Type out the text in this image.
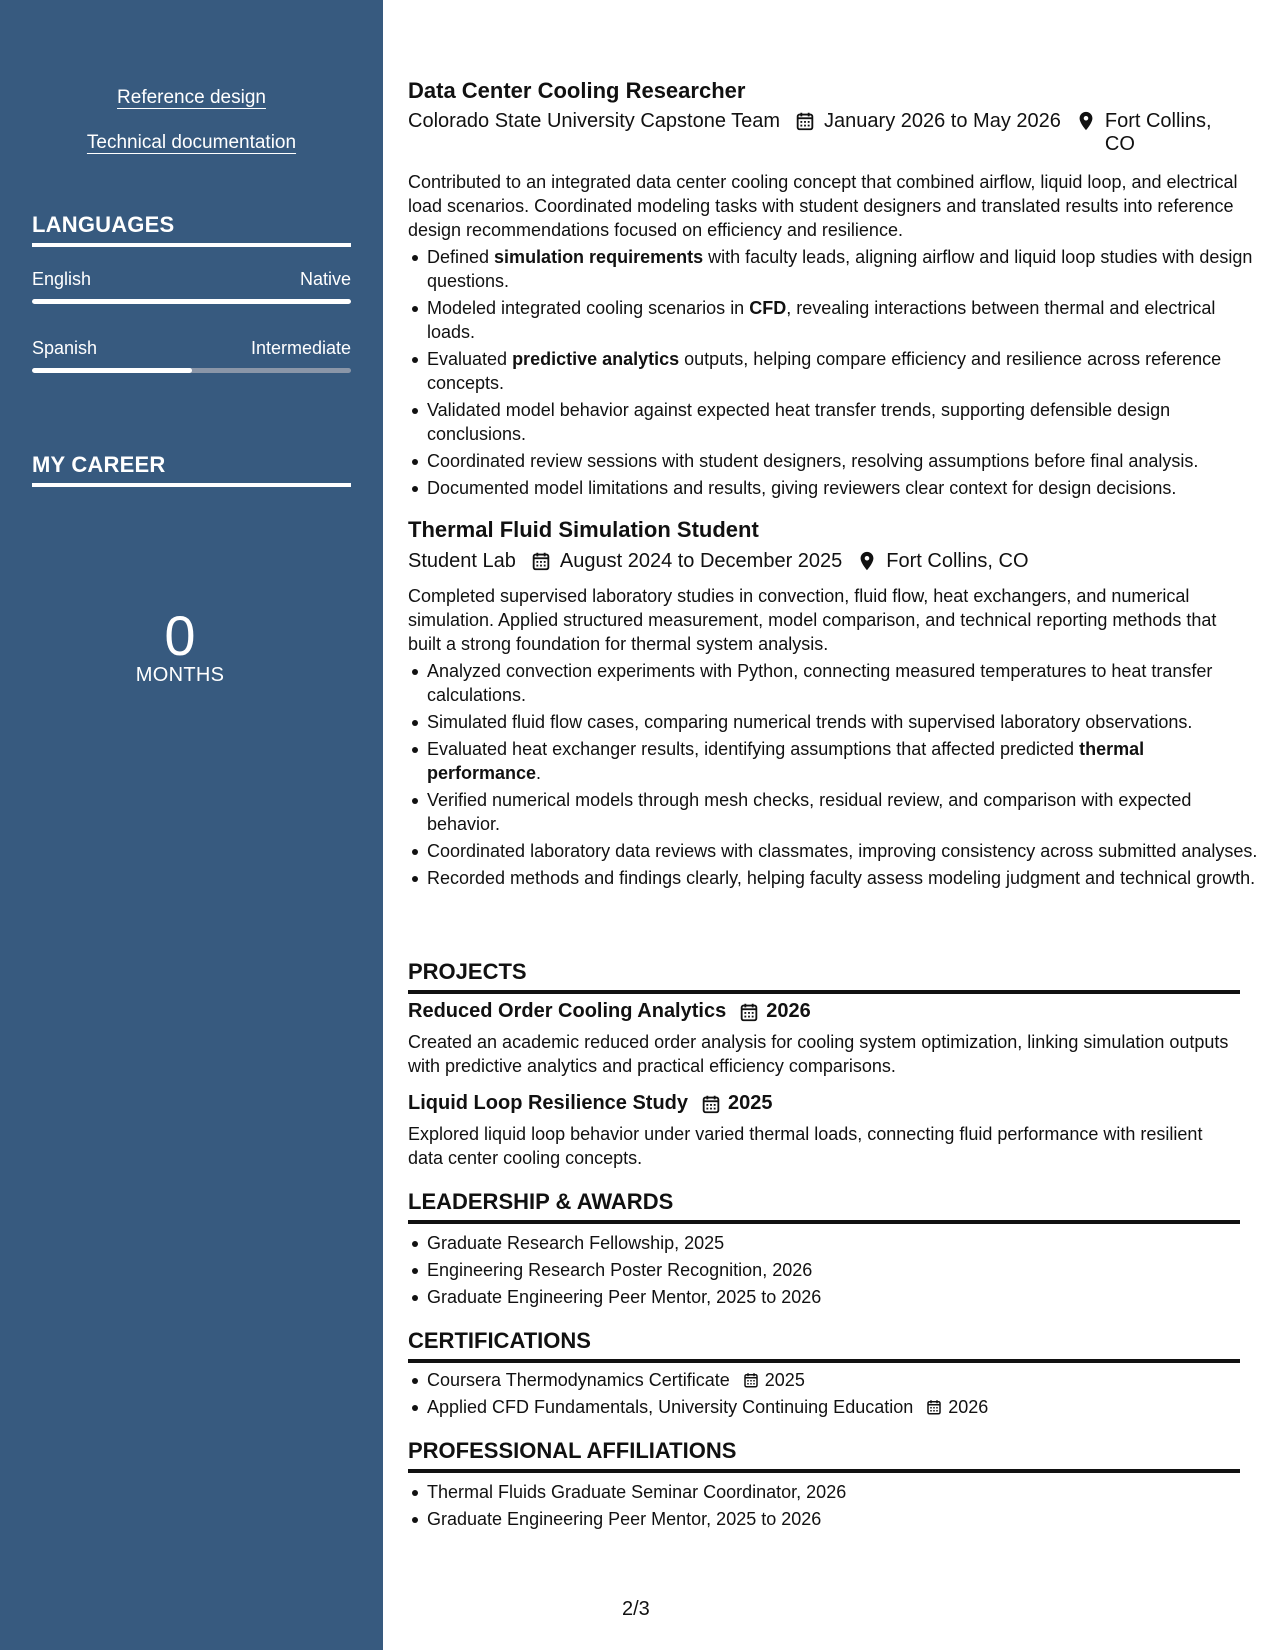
Reference design
Technical documentation
LANGUAGES
English	Native
Spanish	Intermediate
MY CAREER
0
MONTHS
Data Center Cooling Researcher
Colorado State University Capstone Team January 2026 to May 2026 Fort Collins, CO

Contributed to an integrated data center cooling concept that combined airflow, liquid loop, and electrical load scenarios. Coordinated modeling tasks with student designers and translated results into reference design recommendations focused on efficiency and resilience.

Defined simulation requirements with faculty leads, aligning airflow and liquid loop studies with design questions.
Modeled integrated cooling scenarios in CFD, revealing interactions between thermal and electrical loads.
Evaluated predictive analytics outputs, helping compare efficiency and resilience across reference concepts.
Validated model behavior against expected heat transfer trends, supporting defensible design conclusions.
Coordinated review sessions with student designers, resolving assumptions before final analysis.
Documented model limitations and results, giving reviewers clear context for design decisions.
Thermal Fluid Simulation Student
Student Lab August 2024 to December 2025 Fort Collins, CO

Completed supervised laboratory studies in convection, fluid flow, heat exchangers, and numerical simulation. Applied structured measurement, model comparison, and technical reporting methods that built a strong foundation for thermal system analysis.

Analyzed convection experiments with Python, connecting measured temperatures to heat transfer calculations.
Simulated fluid flow cases, comparing numerical trends with supervised laboratory observations.
Evaluated heat exchanger results, identifying assumptions that affected predicted thermal performance.
Verified numerical models through mesh checks, residual review, and comparison with expected behavior.
Coordinated laboratory data reviews with classmates, improving consistency across submitted analyses.
Recorded methods and findings clearly, helping faculty assess modeling judgment and technical growth.
PROJECTS
Reduced Order Cooling Analytics 2026

Created an academic reduced order analysis for cooling system optimization, linking simulation outputs with predictive analytics and practical efficiency comparisons.

Liquid Loop Resilience Study 2025

Explored liquid loop behavior under varied thermal loads, connecting fluid performance with resilient data center cooling concepts.

LEADERSHIP & AWARDS
Graduate Research Fellowship, 2025
Engineering Research Poster Recognition, 2026
Graduate Engineering Peer Mentor, 2025 to 2026
CERTIFICATIONS
Coursera Thermodynamics Certificate 2025
Applied CFD Fundamentals, University Continuing Education 2026
PROFESSIONAL AFFILIATIONS
Thermal Fluids Graduate Seminar Coordinator, 2026
Graduate Engineering Peer Mentor, 2025 to 2026
2/3
